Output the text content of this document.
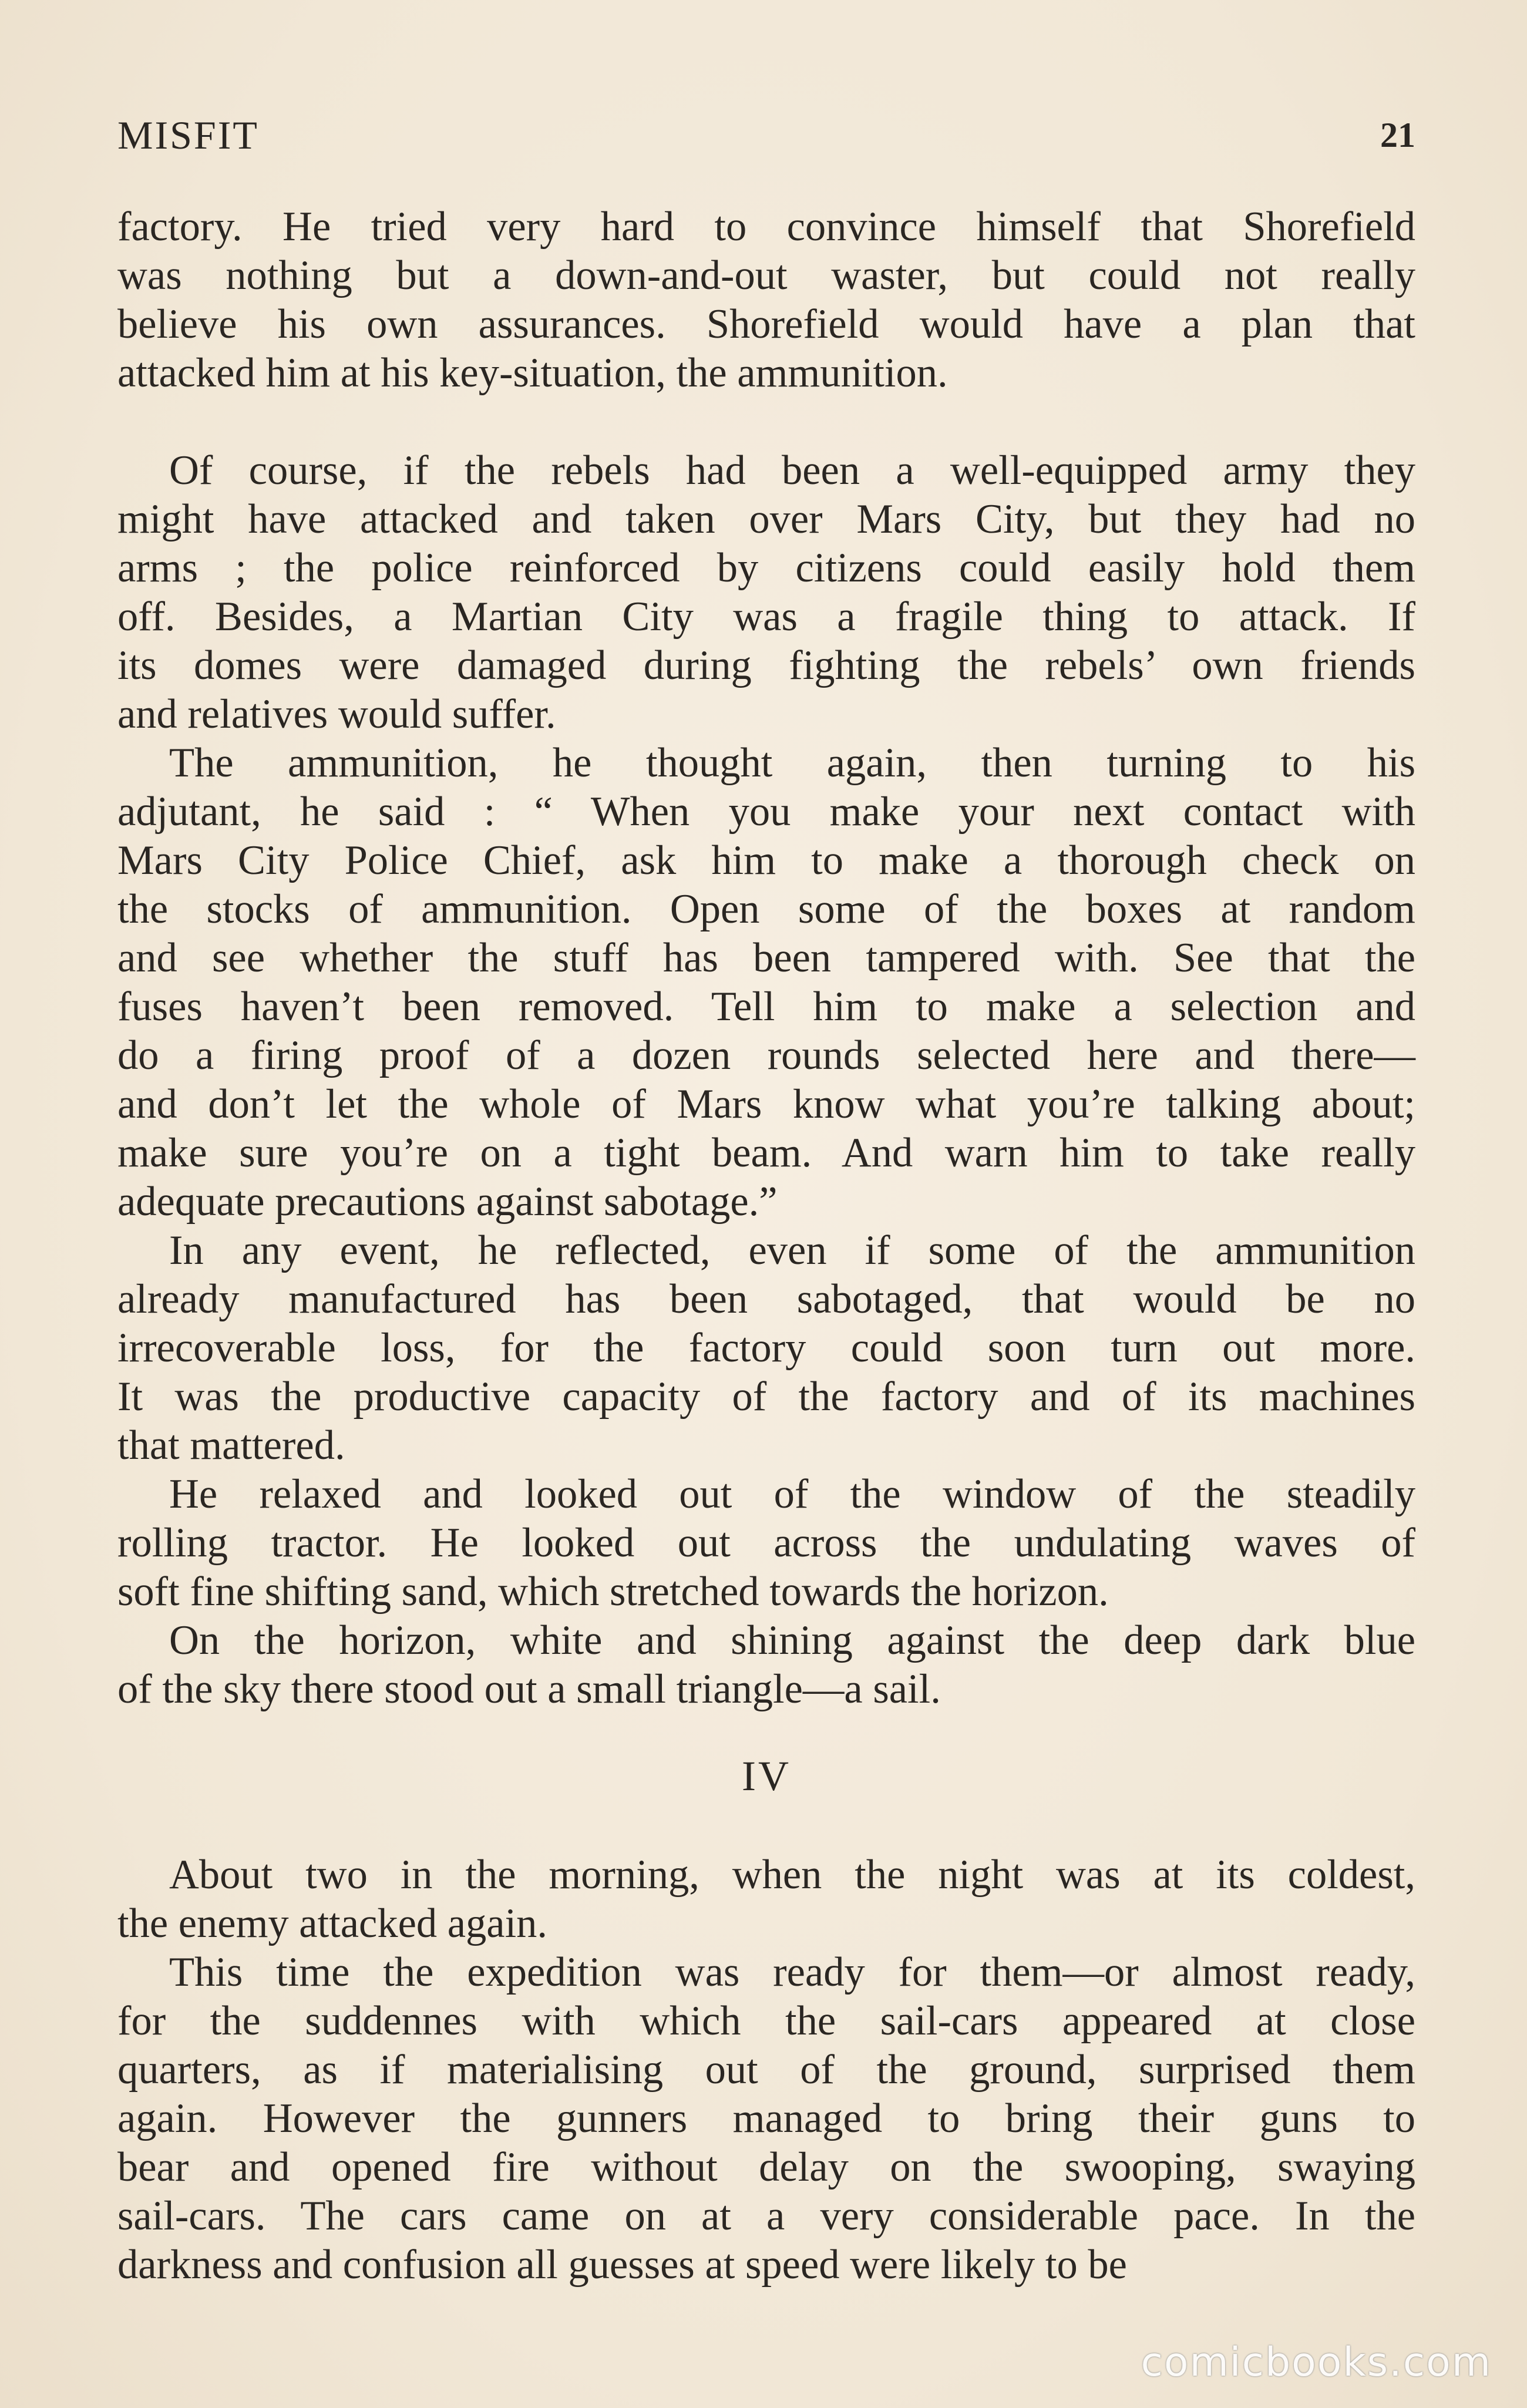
MISFIT	21

factory. He tried very hard to convince himself that Shorefield
was nothing but a down-and-out waster, but could not really
believe his own assurances. Shorefield would have a plan that
attacked him at his key-situation, the ammunition.

Of course, if the rebels had been a well-equipped army they
might have attacked and taken over Mars City, but they had no
arms ; the police reinforced by citizens could easily hold them
off. Besides, a Martian City was a fragile thing to attack. If
its domes were damaged during fighting the rebels’ own friends
and relatives would suffer.

The ammunition, he thought again, then turning to his
adjutant, he said : “ When you make your next contact with
Mars City Police Chief, ask him to make a thorough check on
the stocks of ammunition. Open some of the boxes at random
and see whether the stuff has been tampered with. See that the
fuses haven’t been removed. Tell him to make a selection and
do a firing proof of a dozen rounds selected here and there—
and don’t let the whole of Mars know what you’re talking about;
make sure you’re on a tight beam. And warn him to take really
adequate precautions against sabotage.”

In any event, he reflected, even if some of the ammunition
already manufactured has been sabotaged, that would be no
irrecoverable loss, for the factory could soon turn out more.
It was the productive capacity of the factory and of its machines
that mattered.

He relaxed and looked out of the window of the steadily
rolling tractor. He looked out across the undulating waves of
soft fine shifting sand, which stretched towards the horizon.

On the horizon, white and shining against the deep dark blue
of the sky there stood out a small triangle—a sail.

IV

About two in the morning, when the night was at its coldest,
the enemy attacked again.

This time the expedition was ready for them—or almost ready,
for the suddennes with which the sail-cars appeared at close
quarters, as if materialising out of the ground, surprised them
again. However the gunners managed to bring their guns to
bear and opened fire without delay on the swooping, swaying
sail-cars. The cars came on at a very considerable pace. In the
darkness and confusion all guesses at speed were likely to be

comicbooks.com
